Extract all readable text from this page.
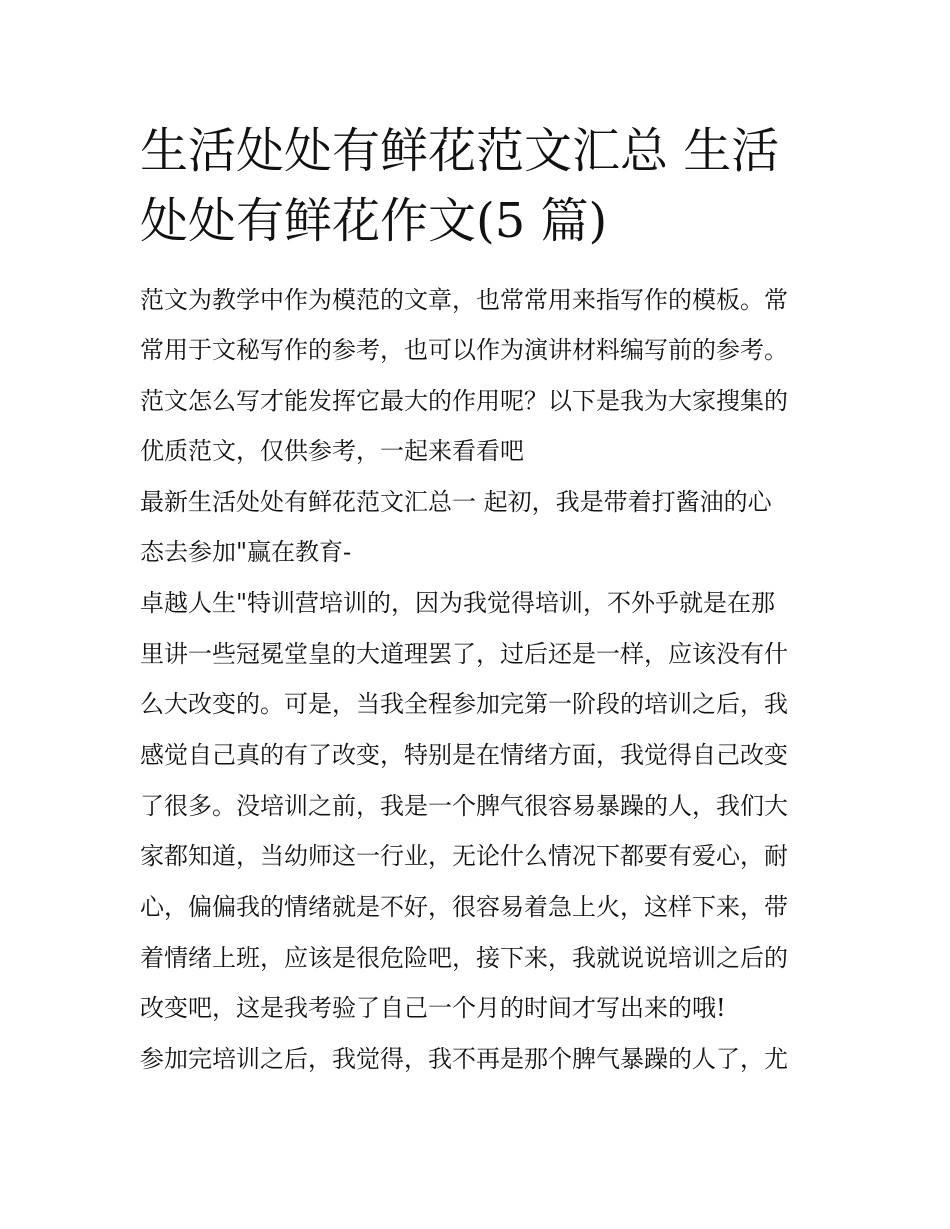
生活处处有鲜花范文汇总 生活
处处有鲜花作文(5 篇)

范文为教学中作为模范的文章，也常常用来指写作的模板。常

常用于文秘写作的参考，也可以作为演讲材料编写前的参考。

范文怎么写才能发挥它最大的作用呢？以下是我为大家搜集的

优质范文，仅供参考，一起来看看吧

最新生活处处有鲜花范文汇总一 起初，我是带着打酱油的心

态去参加"赢在教育-

卓越人生"特训营培训的，因为我觉得培训，不外乎就是在那

里讲一些冠冕堂皇的大道理罢了，过后还是一样，应该没有什

么大改变的。可是，当我全程参加完第一阶段的培训之后，我

感觉自己真的有了改变，特别是在情绪方面，我觉得自己改变

了很多。没培训之前，我是一个脾气很容易暴躁的人，我们大

家都知道，当幼师这一行业，无论什么情况下都要有爱心，耐

心，偏偏我的情绪就是不好，很容易着急上火，这样下来，带

着情绪上班，应该是很危险吧，接下来，我就说说培训之后的

改变吧，这是我考验了自己一个月的时间才写出来的哦!

参加完培训之后，我觉得，我不再是那个脾气暴躁的人了，尤
